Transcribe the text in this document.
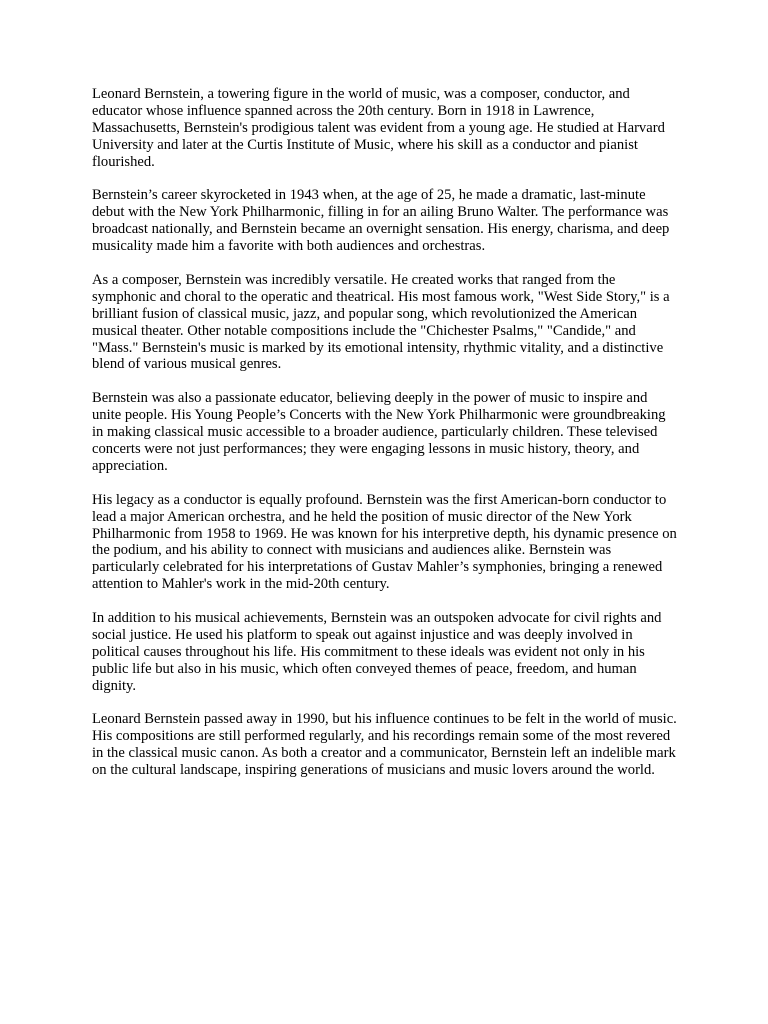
Leonard Bernstein, a towering figure in the world of music, was a composer, conductor, and educator whose influence spanned across the 20th century. Born in 1918 in Lawrence, Massachusetts, Bernstein's prodigious talent was evident from a young age. He studied at Harvard University and later at the Curtis Institute of Music, where his skill as a conductor and pianist flourished.

Bernstein’s career skyrocketed in 1943 when, at the age of 25, he made a dramatic, last-minute debut with the New York Philharmonic, filling in for an ailing Bruno Walter. The performance was broadcast nationally, and Bernstein became an overnight sensation. His energy, charisma, and deep musicality made him a favorite with both audiences and orchestras.

As a composer, Bernstein was incredibly versatile. He created works that ranged from the symphonic and choral to the operatic and theatrical. His most famous work, "West Side Story," is a brilliant fusion of classical music, jazz, and popular song, which revolutionized the American musical theater. Other notable compositions include the "Chichester Psalms," "Candide," and "Mass." Bernstein's music is marked by its emotional intensity, rhythmic vitality, and a distinctive blend of various musical genres.

Bernstein was also a passionate educator, believing deeply in the power of music to inspire and unite people. His Young People’s Concerts with the New York Philharmonic were groundbreaking in making classical music accessible to a broader audience, particularly children. These televised concerts were not just performances; they were engaging lessons in music history, theory, and appreciation.

His legacy as a conductor is equally profound. Bernstein was the first American-born conductor to lead a major American orchestra, and he held the position of music director of the New York Philharmonic from 1958 to 1969. He was known for his interpretive depth, his dynamic presence on the podium, and his ability to connect with musicians and audiences alike. Bernstein was particularly celebrated for his interpretations of Gustav Mahler’s symphonies, bringing a renewed attention to Mahler's work in the mid-20th century.

In addition to his musical achievements, Bernstein was an outspoken advocate for civil rights and social justice. He used his platform to speak out against injustice and was deeply involved in political causes throughout his life. His commitment to these ideals was evident not only in his public life but also in his music, which often conveyed themes of peace, freedom, and human dignity.

Leonard Bernstein passed away in 1990, but his influence continues to be felt in the world of music. His compositions are still performed regularly, and his recordings remain some of the most revered in the classical music canon. As both a creator and a communicator, Bernstein left an indelible mark on the cultural landscape, inspiring generations of musicians and music lovers around the world.
